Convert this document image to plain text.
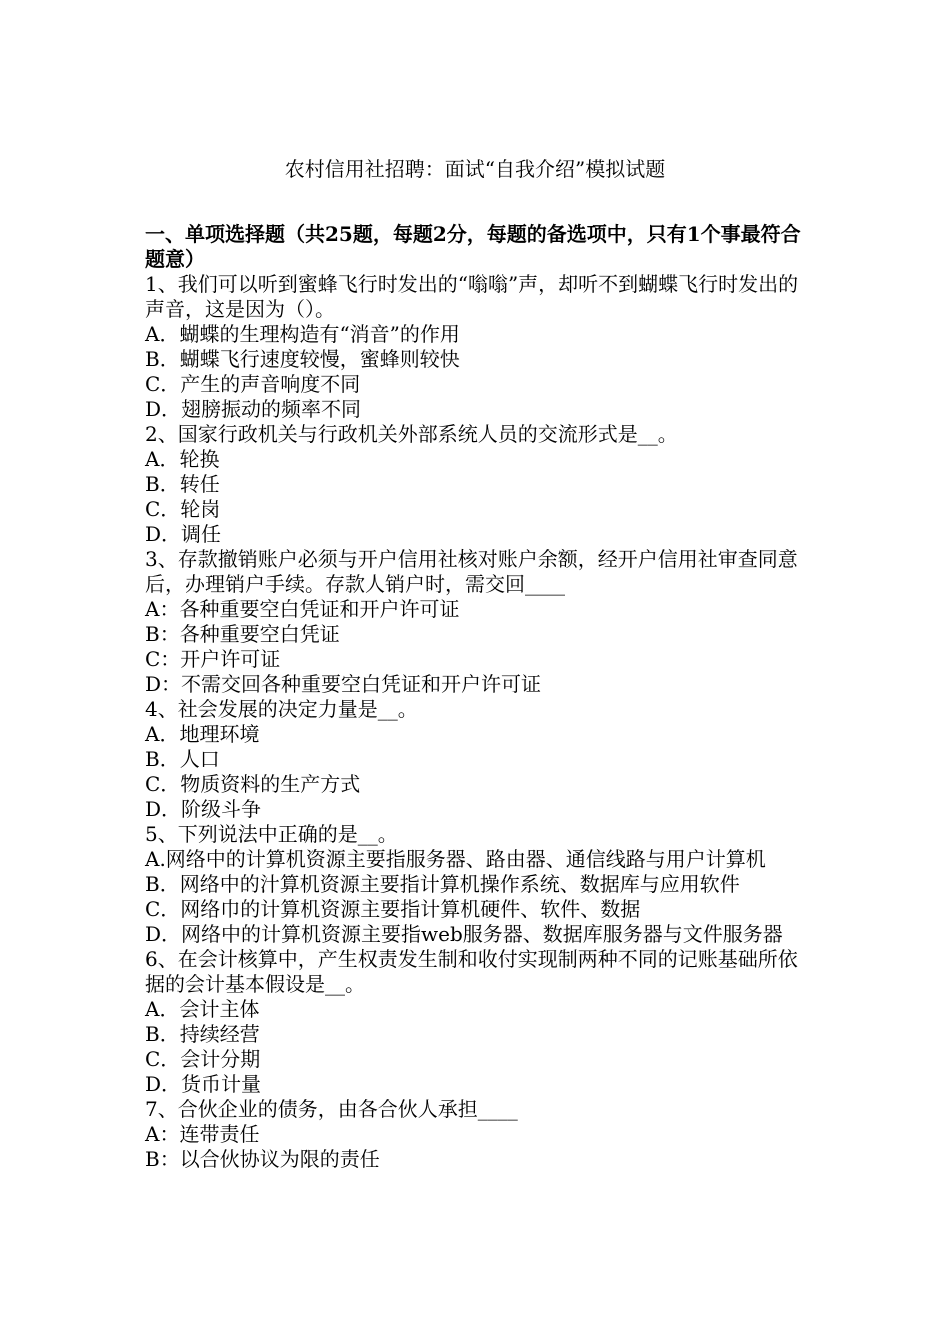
农村信用社招聘：面试“自我介绍”模拟试题

一、单项选择题（共25题，每题2分，每题的备选项中，只有1个事最符合题意）

1、我们可以听到蜜蜂飞行时发出的“嗡嗡”声，却听不到蝴蝶飞行时发出的声音，这是因为（）。

A．蝴蝶的生理构造有“消音”的作用

B．蝴蝶飞行速度较慢，蜜蜂则较快

C．产生的声音响度不同

D．翅膀振动的频率不同

2、国家行政机关与行政机关外部系统人员的交流形式是__。

A．轮换

B．转任

C．轮岗

D．调任

3、存款撤销账户必须与开户信用社核对账户余额，经开户信用社审查同意后，办理销户手续。存款人销户时，需交回____

A：各种重要空白凭证和开户许可证

B：各种重要空白凭证

C：开户许可证

D：不需交回各种重要空白凭证和开户许可证

4、社会发展的决定力量是__。

A．地理环境

B．人口

C．物质资料的生产方式

D．阶级斗争

5、下列说法中正确的是__。

A.网络中的计算机资源主要指服务器、路由器、通信线路与用户计算机

B．网络中的汁算机资源主要指计算机操作系统、数据库与应用软件

C．网络巾的计算机资源主要指计算机硬件、软件、数据

D．网络中的计算机资源主要指web服务器、数据库服务器与文件服务器

6、在会计核算中，产生权责发生制和收付实现制两种不同的记账基础所依据的会计基本假设是__。

A．会计主体

B．持续经营

C．会计分期

D．货币计量

7、合伙企业的债务，由各合伙人承担____

A：连带责任

B：以合伙协议为限的责任
